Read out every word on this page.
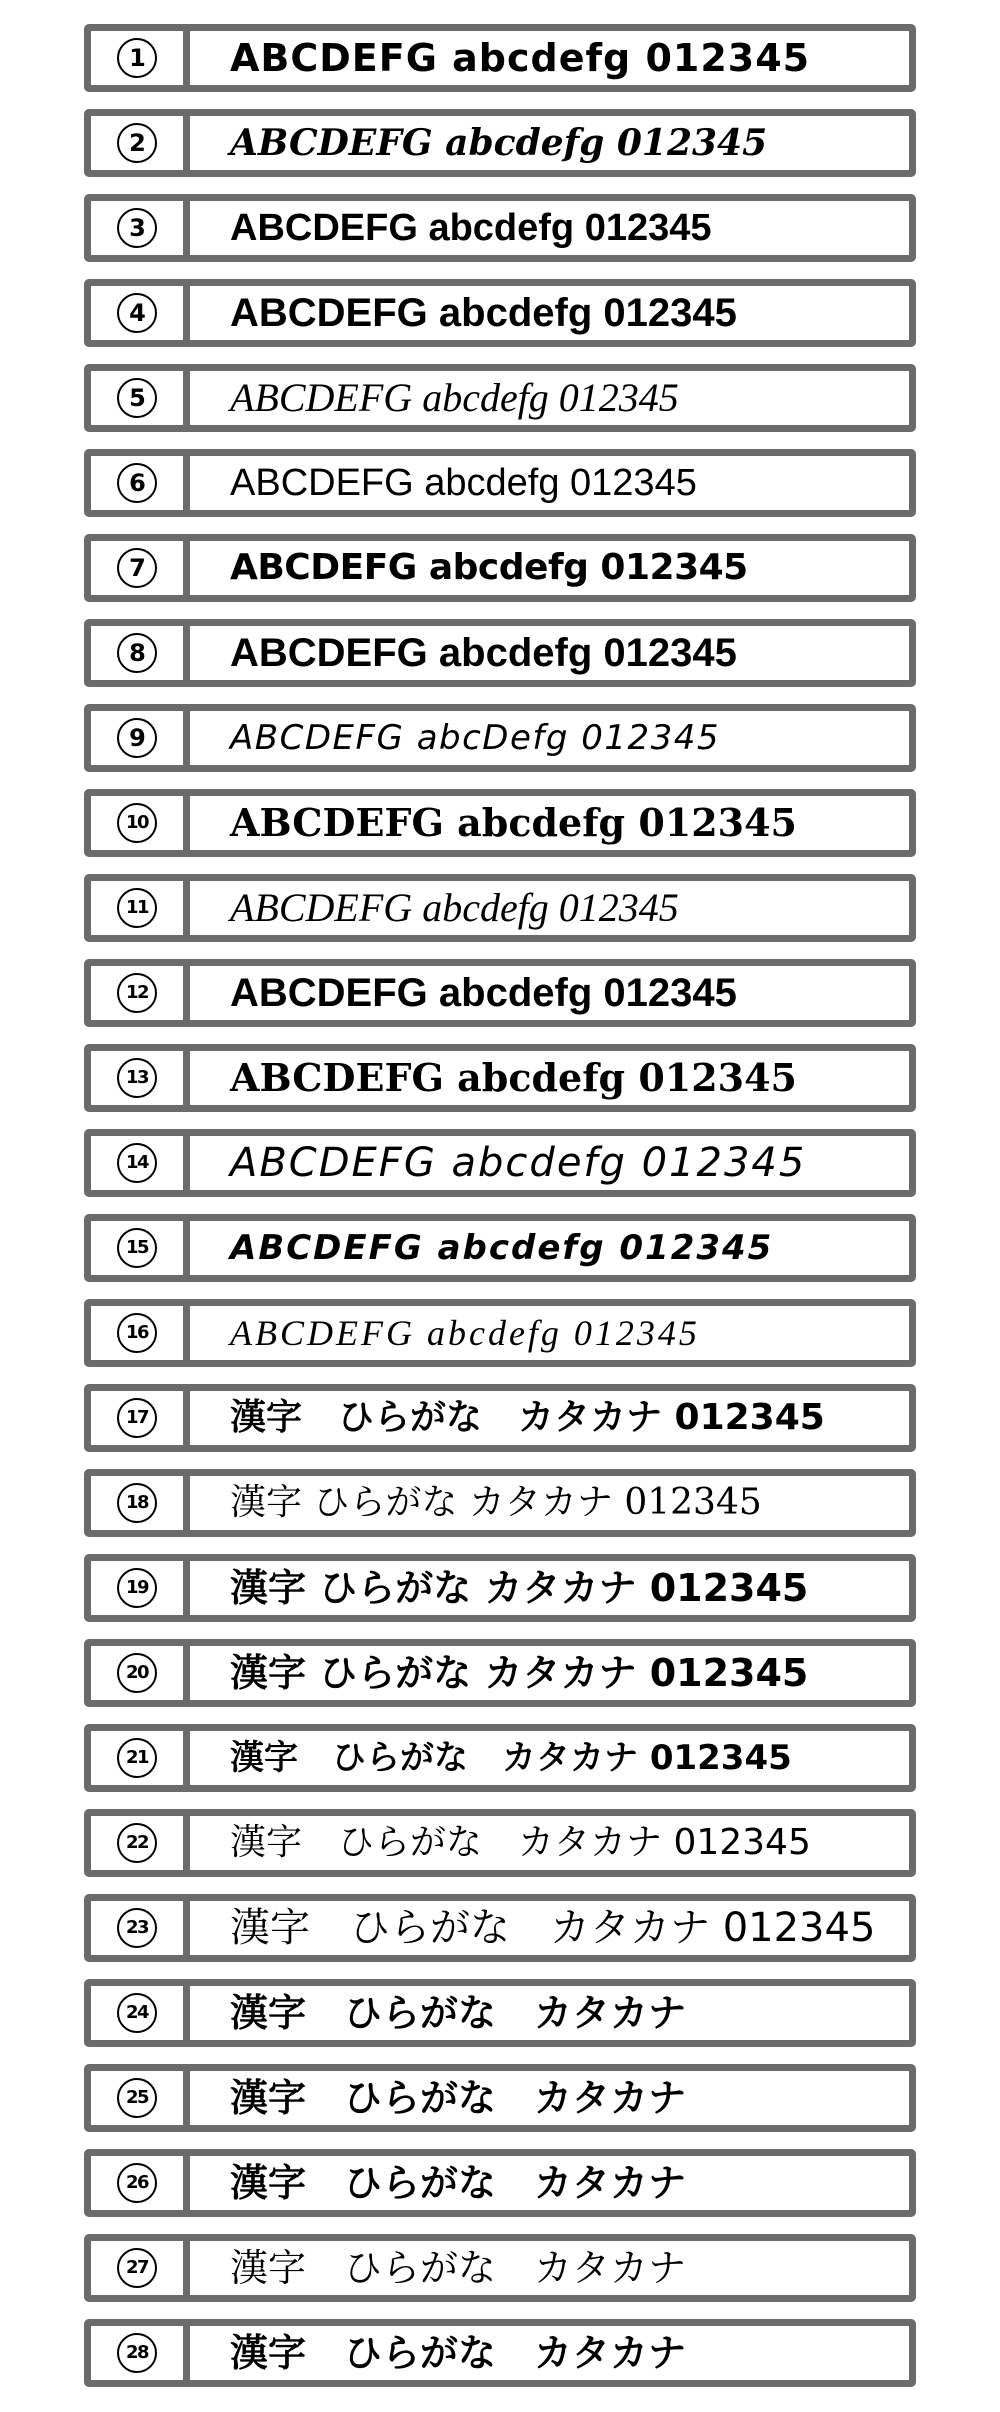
1	ABCDEFG abcdefg 012345
2	ABCDEFG abcdefg 012345
3	ABCDEFG abcdefg 012345
4	ABCDEFG abcdefg 012345
5	ABCDEFG abcdefg 012345
6	ABCDEFG abcdefg 012345
7	ABCDEFG abcdefg 012345
8	ABCDEFG abcdefg 012345
9	ABCDEFG abcDefg 012345
10 ABCDEFG abcdefg 012345
11 ABCDEFG abcdefg 012345
12 ABCDEFG abcdefg 012345
13 ABCDEFG abcdefg 012345
14 ABCDEFG abcdefg 012345
15 ABCDEFG abcdefg 012345
16 ABCDEFG abcdefg 012345
17 漢字　ひらがな　カタカナ 012345
18 漢字 ひらがな カタカナ 012345
19 漢字 ひらがな カタカナ 012345
20 漢字 ひらがな カタカナ 012345
21 漢字　ひらがな　カタカナ 012345
22 漢字　ひらがな　カタカナ 012345
23 漢字　ひらがな　カタカナ 012345
24 漢字　ひらがな　カタカナ
25 漢字　ひらがな　カタカナ
26 漢字　ひらがな　カタカナ
27 漢字　ひらがな　カタカナ
28 漢字　ひらがな　カタカナ
